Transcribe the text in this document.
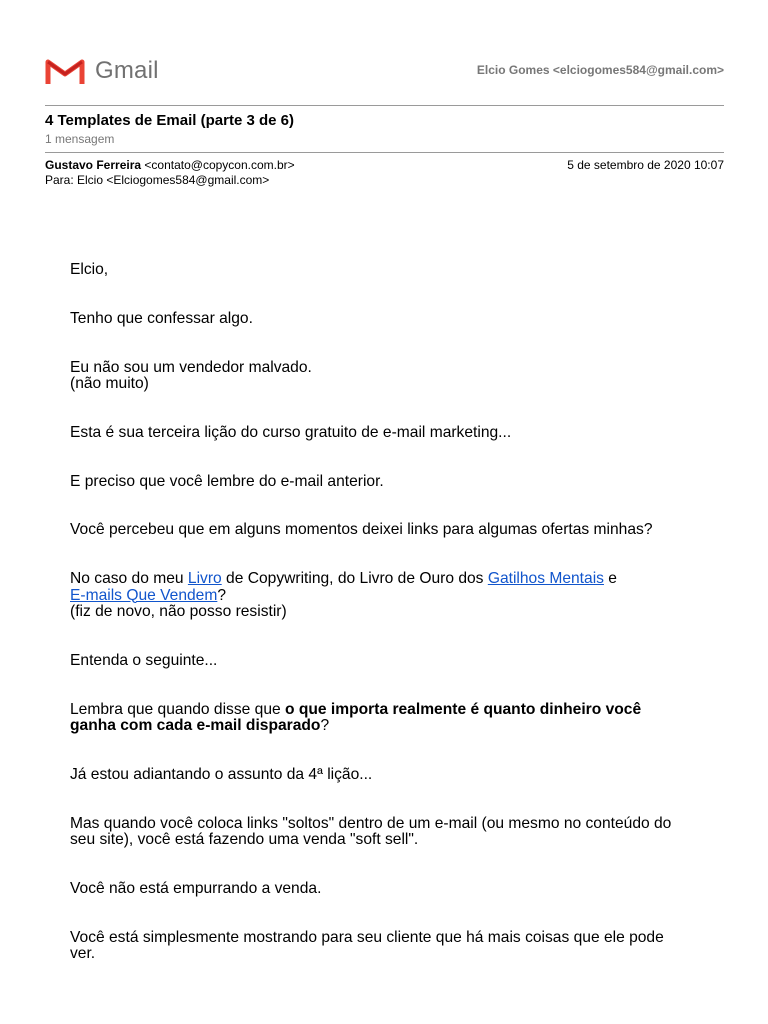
Gmail	Elcio Gomes <elciogomes584@gmail.com>
4 Templates de Email (parte 3 de 6)
1 mensagem
Gustavo Ferreira <contato@copycon.com.br>	5 de setembro de 2020 10:07
Para: Elcio <Elciogomes584@gmail.com>

Elcio,

Tenho que confessar algo.

Eu não sou um vendedor malvado.
(não muito)

Esta é sua terceira lição do curso gratuito de e-mail marketing...

E preciso que você lembre do e-mail anterior.

Você percebeu que em alguns momentos deixei links para algumas ofertas minhas?

No caso do meu Livro de Copywriting, do Livro de Ouro dos Gatilhos Mentais e
E-mails Que Vendem?
(fiz de novo, não posso resistir)

Entenda o seguinte...

Lembra que quando disse que o que importa realmente é quanto dinheiro você ganha com cada e-mail disparado?

Já estou adiantando o assunto da 4ª lição...

Mas quando você coloca links "soltos" dentro de um e-mail (ou mesmo no conteúdo do seu site), você está fazendo uma venda "soft sell".

Você não está empurrando a venda.

Você está simplesmente mostrando para seu cliente que há mais coisas que ele pode ver.
